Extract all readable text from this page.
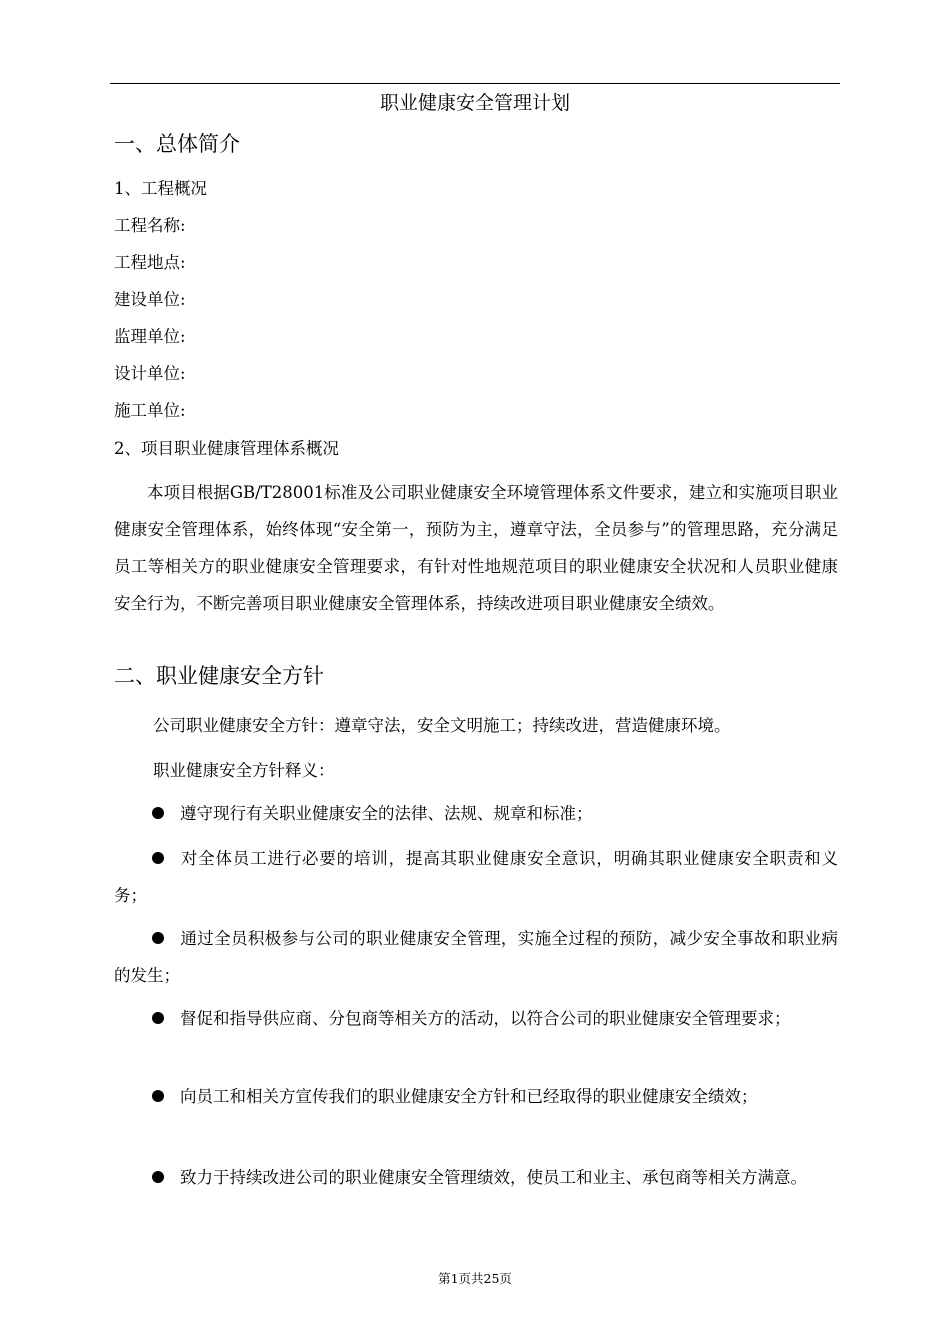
职业健康安全管理计划
一、总体简介
1、工程概况
工程名称:
工程地点:
建设单位:
监理单位:
设计单位:
施工单位:
2、项目职业健康管理体系概况
本项目根据GB/T28001标准及公司职业健康安全环境管理体系文件要求，建立和实施项目职业健康安全管理体系，始终体现“安全第一，预防为主，遵章守法，全员参与”的管理思路，充分满足员工等相关方的职业健康安全管理要求，有针对性地规范项目的职业健康安全状况和人员职业健康安全行为，不断完善项目职业健康安全管理体系，持续改进项目职业健康安全绩效。
二、职业健康安全方针
公司职业健康安全方针：遵章守法，安全文明施工；持续改进，营造健康环境。
职业健康安全方针释义：
遵守现行有关职业健康安全的法律、法规、规章和标准；
对全体员工进行必要的培训，提高其职业健康安全意识，明确其职业健康安全职责和义务；
通过全员积极参与公司的职业健康安全管理，实施全过程的预防，减少安全事故和职业病的发生；
督促和指导供应商、分包商等相关方的活动，以符合公司的职业健康安全管理要求；
向员工和相关方宣传我们的职业健康安全方针和已经取得的职业健康安全绩效；
致力于持续改进公司的职业健康安全管理绩效，使员工和业主、承包商等相关方满意。
第1页共25页
